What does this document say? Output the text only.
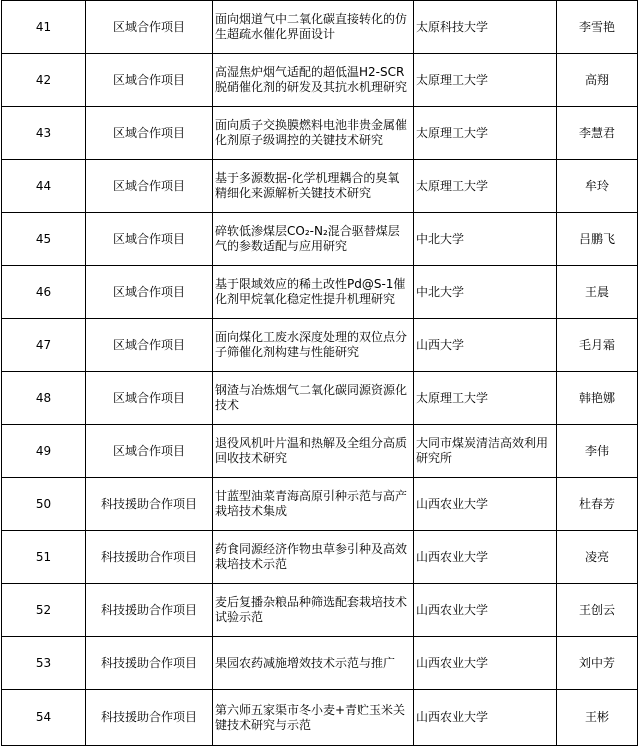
41	区域合作项目	面向烟道气中二氧化碳直接转化的仿生超疏水催化界面设计	太原科技大学	李雪艳
42	区域合作项目	高湿焦炉烟气适配的超低温H2-SCR脱硝催化剂的研发及其抗水机理研究	太原理工大学	高翔
43	区域合作项目	面向质子交换膜燃料电池非贵金属催化剂原子级调控的关键技术研究	太原理工大学	李慧君
44	区域合作项目	基于多源数据-化学机理耦合的臭氧精细化来源解析关键技术研究	太原理工大学	牟玲
45	区域合作项目	碎软低渗煤层CO₂-N₂混合驱替煤层气的参数适配与应用研究	中北大学	吕鹏飞
46	区域合作项目	基于限域效应的稀土改性Pd@S-1催化剂甲烷氧化稳定性提升机理研究	中北大学	王晨
47	区域合作项目	面向煤化工废水深度处理的双位点分子筛催化剂构建与性能研究	山西大学	毛月霜
48	区域合作项目	钢渣与冶炼烟气二氧化碳同源资源化技术	太原理工大学	韩艳娜
49	区域合作项目	退役风机叶片温和热解及全组分高质回收技术研究	大同市煤炭清洁高效利用研究所	李伟
50	科技援助合作项目	甘蓝型油菜青海高原引种示范与高产栽培技术集成	山西农业大学	杜春芳
51	科技援助合作项目	药食同源经济作物虫草参引种及高效栽培技术示范	山西农业大学	凌亮
52	科技援助合作项目	麦后复播杂粮品种筛选配套栽培技术试验示范	山西农业大学	王创云
53	科技援助合作项目	果园农药减施增效技术示范与推广	山西农业大学	刘中芳
54	科技援助合作项目	第六师五家渠市冬小麦+青贮玉米关键技术研究与示范	山西农业大学	王彬
